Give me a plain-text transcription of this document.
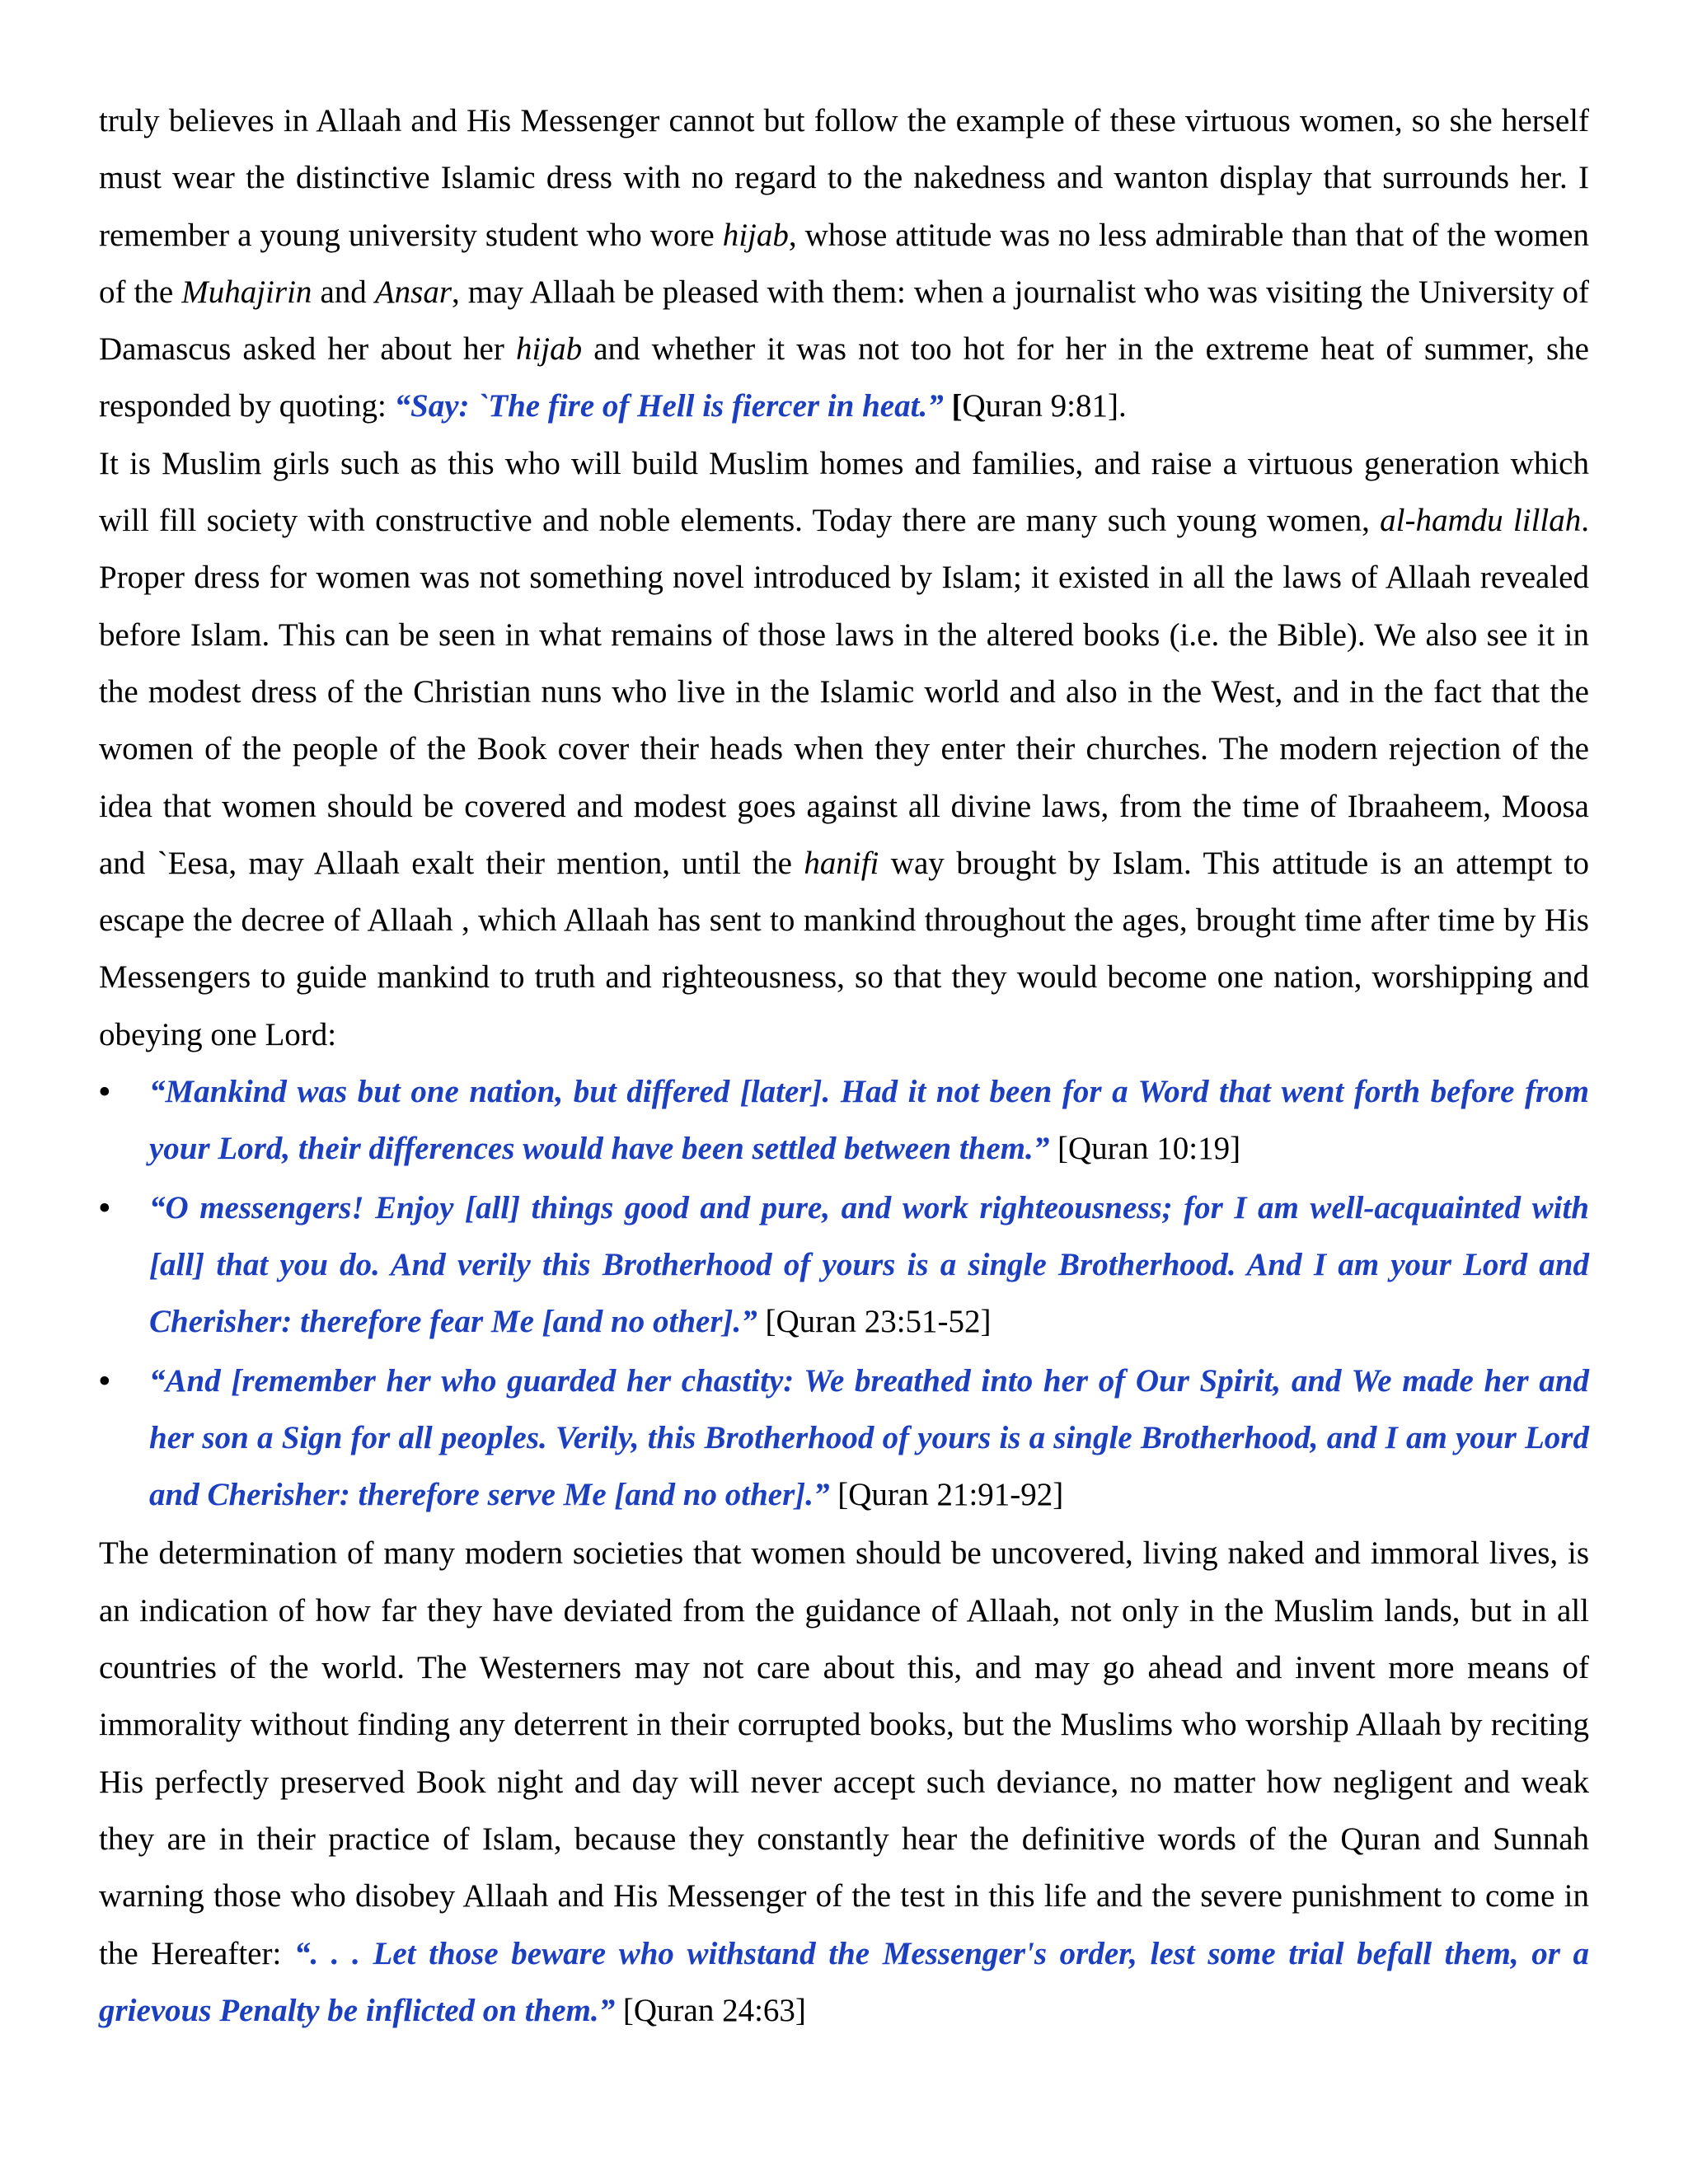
truly believes in Allaah and His Messenger cannot but follow the example of these virtuous women, so she herself must wear the distinctive Islamic dress with no regard to the nakedness and wanton display that surrounds her. I remember a young university student who wore hijab, whose attitude was no less admirable than that of the women of the Muhajirin and Ansar, may Allaah be pleased with them: when a journalist who was visiting the University of Damascus asked her about her hijab and whether it was not too hot for her in the extreme heat of summer, she responded by quoting: “Say: `The fire of Hell is fiercer in heat.” [Quran 9:81].

It is Muslim girls such as this who will build Muslim homes and families, and raise a virtuous generation which will fill society with constructive and noble elements. Today there are many such young women, al-hamdu lillah. Proper dress for women was not something novel introduced by Islam; it existed in all the laws of Allaah revealed before Islam. This can be seen in what remains of those laws in the altered books (i.e. the Bible). We also see it in the modest dress of the Christian nuns who live in the Islamic world and also in the West, and in the fact that the women of the people of the Book cover their heads when they enter their churches. The modern rejection of the idea that women should be covered and modest goes against all divine laws, from the time of Ibraaheem, Moosa and `Eesa, may Allaah exalt their mention, until the hanifi way brought by Islam. This attitude is an attempt to escape the decree of Allaah , which Allaah has sent to mankind throughout the ages, brought time after time by His Messengers to guide mankind to truth and righteousness, so that they would become one nation, worshipping and obeying one Lord:

• “Mankind was but one nation, but differed [later]. Had it not been for a Word that went forth before from your Lord, their differences would have been settled between them.” [Quran 10:19]
• “O messengers! Enjoy [all] things good and pure, and work righteousness; for I am well-acquainted with [all] that you do. And verily this Brotherhood of yours is a single Brotherhood. And I am your Lord and Cherisher: therefore fear Me [and no other].” [Quran 23:51-52]
• “And [remember her who guarded her chastity: We breathed into her of Our Spirit, and We made her and her son a Sign for all peoples. Verily, this Brotherhood of yours is a single Brotherhood, and I am your Lord and Cherisher: therefore serve Me [and no other].” [Quran 21:91-92]

The determination of many modern societies that women should be uncovered, living naked and immoral lives, is an indication of how far they have deviated from the guidance of Allaah, not only in the Muslim lands, but in all countries of the world. The Westerners may not care about this, and may go ahead and invent more means of immorality without finding any deterrent in their corrupted books, but the Muslims who worship Allaah by reciting His perfectly preserved Book night and day will never accept such deviance, no matter how negligent and weak they are in their practice of Islam, because they constantly hear the definitive words of the Quran and Sunnah warning those who disobey Allaah and His Messenger of the test in this life and the severe punishment to come in the Hereafter: “. . . Let those beware who withstand the Messenger's order, lest some trial befall them, or a grievous Penalty be inflicted on them.” [Quran 24:63]
